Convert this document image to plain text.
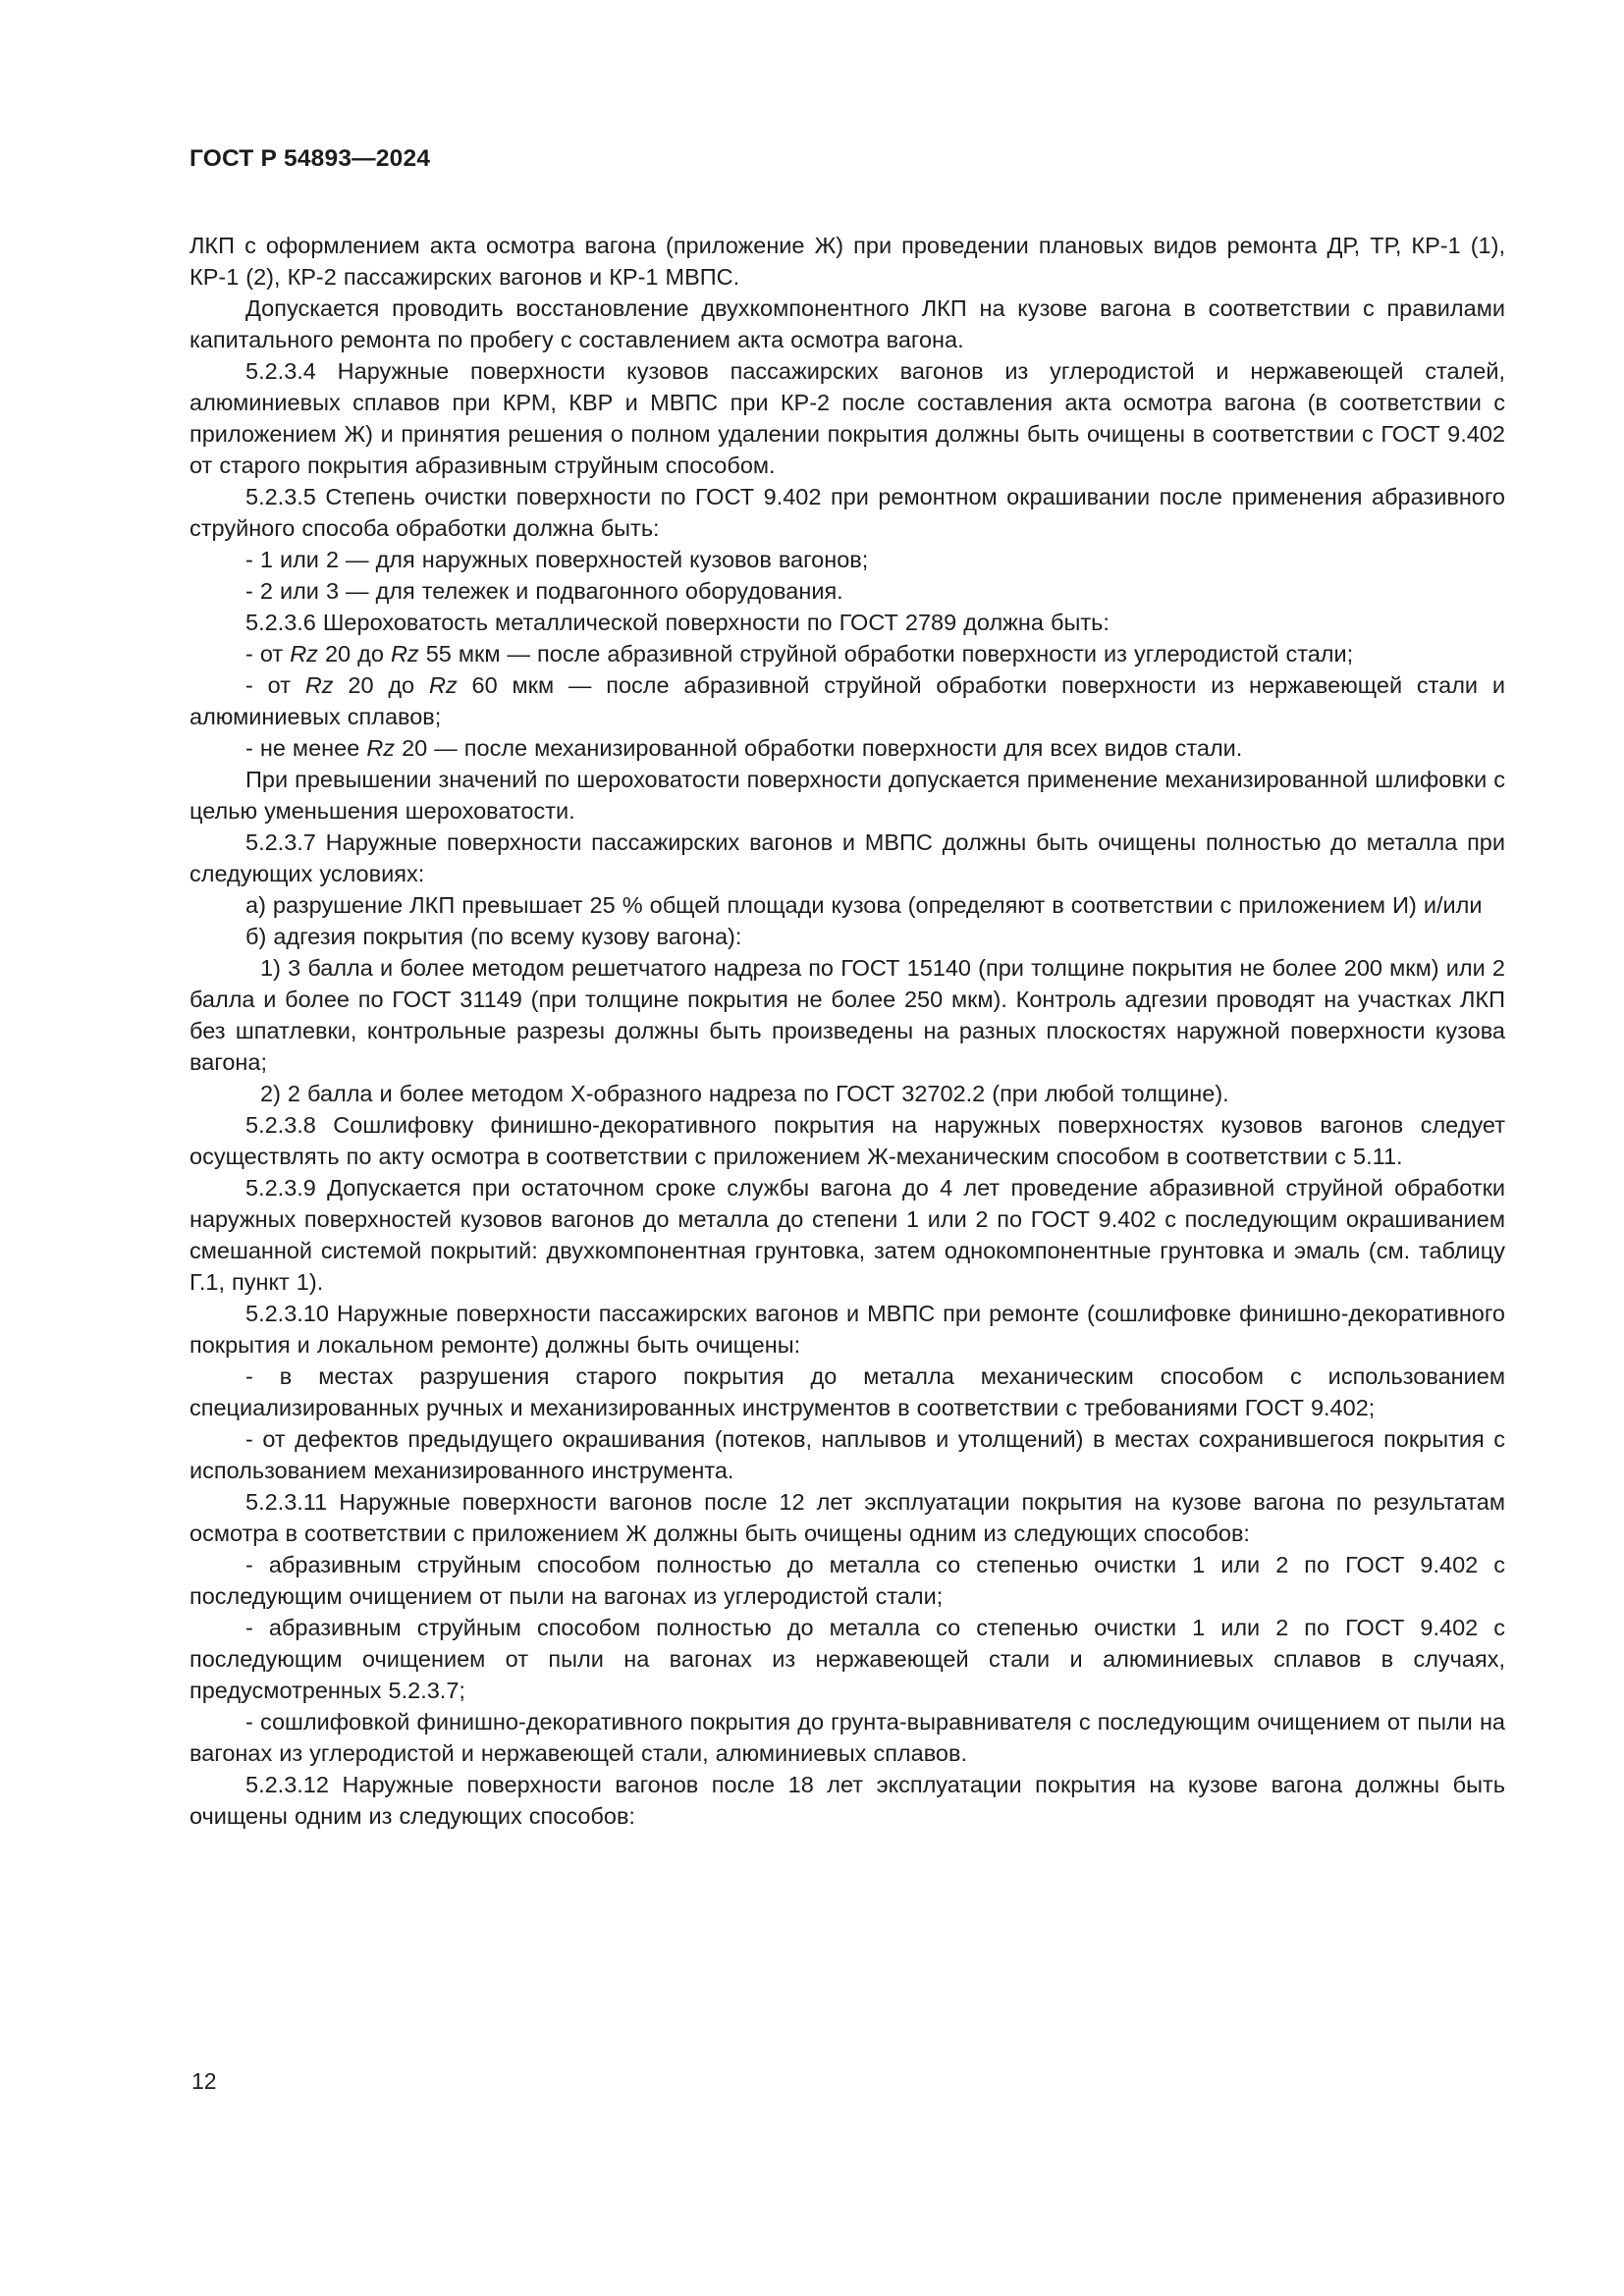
ГОСТ Р 54893—2024

ЛКП с оформлением акта осмотра вагона (приложение Ж) при проведении плановых видов ремонта ДР, ТР, КР-1 (1), КР-1 (2), КР-2 пассажирских вагонов и КР-1 МВПС.

Допускается проводить восстановление двухкомпонентного ЛКП на кузове вагона в соответствии с правилами капитального ремонта по пробегу с составлением акта осмотра вагона.

5.2.3.4 Наружные поверхности кузовов пассажирских вагонов из углеродистой и нержавеющей сталей, алюминиевых сплавов при КРМ, КВР и МВПС при КР-2 после составления акта осмотра вагона (в соответствии с приложением Ж) и принятия решения о полном удалении покрытия должны быть очищены в соответствии с ГОСТ 9.402 от старого покрытия абразивным струйным способом.

5.2.3.5 Степень очистки поверхности по ГОСТ 9.402 при ремонтном окрашивании после применения абразивного струйного способа обработки должна быть:

- 1 или 2 — для наружных поверхностей кузовов вагонов;

- 2 или 3 — для тележек и подвагонного оборудования.

5.2.3.6 Шероховатость металлической поверхности по ГОСТ 2789 должна быть:

- от Rz 20 до Rz 55 мкм — после абразивной струйной обработки поверхности из углеродистой стали;

- от Rz 20 до Rz 60 мкм — после абразивной струйной обработки поверхности из нержавеющей стали и алюминиевых сплавов;

- не менее Rz 20 — после механизированной обработки поверхности для всех видов стали.

При превышении значений по шероховатости поверхности допускается применение механизированной шлифовки с целью уменьшения шероховатости.

5.2.3.7 Наружные поверхности пассажирских вагонов и МВПС должны быть очищены полностью до металла при следующих условиях:

а) разрушение ЛКП превышает 25 % общей площади кузова (определяют в соответствии с приложением И) и/или

б) адгезия покрытия (по всему кузову вагона):

1) 3 балла и более методом решетчатого надреза по ГОСТ 15140 (при толщине покрытия не более 200 мкм) или 2 балла и более по ГОСТ 31149 (при толщине покрытия не более 250 мкм). Контроль адгезии проводят на участках ЛКП без шпатлевки, контрольные разрезы должны быть произведены на разных плоскостях наружной поверхности кузова вагона;

2) 2 балла и более методом Х-образного надреза по ГОСТ 32702.2 (при любой толщине).

5.2.3.8 Сошлифовку финишно-декоративного покрытия на наружных поверхностях кузовов вагонов следует осуществлять по акту осмотра в соответствии с приложением Ж-механическим способом в соответствии с 5.11.

5.2.3.9 Допускается при остаточном сроке службы вагона до 4 лет проведение абразивной струйной обработки наружных поверхностей кузовов вагонов до металла до степени 1 или 2 по ГОСТ 9.402 с последующим окрашиванием смешанной системой покрытий: двухкомпонентная грунтовка, затем однокомпонентные грунтовка и эмаль (см. таблицу Г.1, пункт 1).

5.2.3.10 Наружные поверхности пассажирских вагонов и МВПС при ремонте (сошлифовке финишно-декоративного покрытия и локальном ремонте) должны быть очищены:

- в местах разрушения старого покрытия до металла механическим способом с использованием специализированных ручных и механизированных инструментов в соответствии с требованиями ГОСТ 9.402;

- от дефектов предыдущего окрашивания (потеков, наплывов и утолщений) в местах сохранившегося покрытия с использованием механизированного инструмента.

5.2.3.11 Наружные поверхности вагонов после 12 лет эксплуатации покрытия на кузове вагона по результатам осмотра в соответствии с приложением Ж должны быть очищены одним из следующих способов:

- абразивным струйным способом полностью до металла со степенью очистки 1 или 2 по ГОСТ 9.402 с последующим очищением от пыли на вагонах из углеродистой стали;

- абразивным струйным способом полностью до металла со степенью очистки 1 или 2 по ГОСТ 9.402 с последующим очищением от пыли на вагонах из нержавеющей стали и алюминиевых сплавов в случаях, предусмотренных 5.2.3.7;

- сошлифовкой финишно-декоративного покрытия до грунта-выравнивателя с последующим очищением от пыли на вагонах из углеродистой и нержавеющей стали, алюминиевых сплавов.

5.2.3.12 Наружные поверхности вагонов после 18 лет эксплуатации покрытия на кузове вагона должны быть очищены одним из следующих способов:

12
